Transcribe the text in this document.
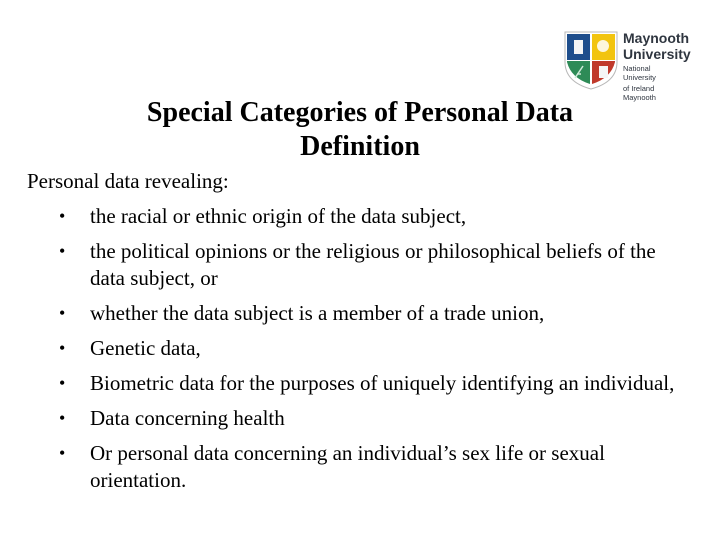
Maynooth
University
National University
of Ireland Maynooth
Special Categories of Personal Data
Definition

Personal data revealing:

• the racial or ethnic origin of the data subject,
• the political opinions or the religious or philosophical beliefs of the data subject, or
• whether the data subject is a member of a trade union,
• Genetic data,
• Biometric data for the purposes of uniquely identifying an individual,
• Data concerning health
• Or personal data concerning an individual’s sex life or sexual orientation.
